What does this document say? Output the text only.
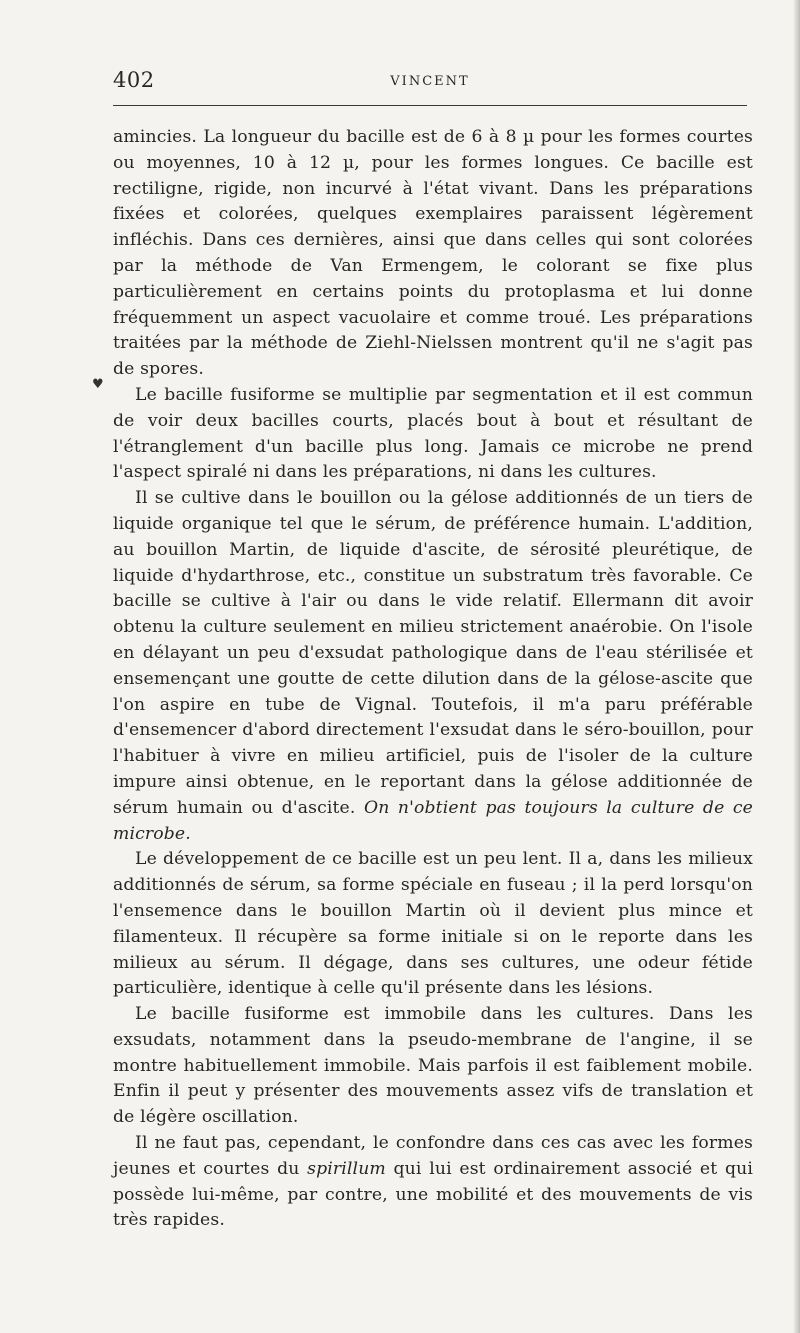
402	VINCENT
♥

amincies. La longueur du bacille est de 6 à 8 µ pour les formes courtes ou moyennes, 10 à 12 µ, pour les formes longues. Ce bacille est rectiligne, rigide, non incurvé à l'état vivant. Dans les préparations fixées et colorées, quelques exemplaires paraissent légèrement infléchis. Dans ces dernières, ainsi que dans celles qui sont colorées par la méthode de Van Ermengem, le colorant se fixe plus particulièrement en certains points du protoplasma et lui donne fréquemment un aspect vacuolaire et comme troué. Les préparations traitées par la méthode de Ziehl-Nielssen montrent qu'il ne s'agit pas de spores.

Le bacille fusiforme se multiplie par segmentation et il est commun de voir deux bacilles courts, placés bout à bout et résultant de l'étranglement d'un bacille plus long. Jamais ce microbe ne prend l'aspect spiralé ni dans les préparations, ni dans les cultures.

Il se cultive dans le bouillon ou la gélose additionnés de un tiers de liquide organique tel que le sérum, de préférence humain. L'addition, au bouillon Martin, de liquide d'ascite, de sérosité pleurétique, de liquide d'hydarthrose, etc., constitue un substratum très favorable. Ce bacille se cultive à l'air ou dans le vide relatif. Ellermann dit avoir obtenu la culture seulement en milieu strictement anaérobie. On l'isole en délayant un peu d'exsudat pathologique dans de l'eau stérilisée et ensemençant une goutte de cette dilution dans de la gélose-ascite que l'on aspire en tube de Vignal. Toutefois, il m'a paru préférable d'ensemencer d'abord directement l'exsudat dans le séro-bouillon, pour l'habituer à vivre en milieu artificiel, puis de l'isoler de la culture impure ainsi obtenue, en le reportant dans la gélose additionnée de sérum humain ou d'ascite. On n'obtient pas toujours la culture de ce microbe.

Le développement de ce bacille est un peu lent. Il a, dans les milieux additionnés de sérum, sa forme spéciale en fuseau ; il la perd lorsqu'on l'ensemence dans le bouillon Martin où il devient plus mince et filamenteux. Il récupère sa forme initiale si on le reporte dans les milieux au sérum. Il dégage, dans ses cultures, une odeur fétide particulière, identique à celle qu'il présente dans les lésions.

Le bacille fusiforme est immobile dans les cultures. Dans les exsudats, notamment dans la pseudo-membrane de l'angine, il se montre habituellement immobile. Mais parfois il est faiblement mobile. Enfin il peut y présenter des mouvements assez vifs de translation et de légère oscillation.

Il ne faut pas, cependant, le confondre dans ces cas avec les formes jeunes et courtes du spirillum qui lui est ordinairement associé et qui possède lui-même, par contre, une mobilité et des mouvements de vis très rapides.
